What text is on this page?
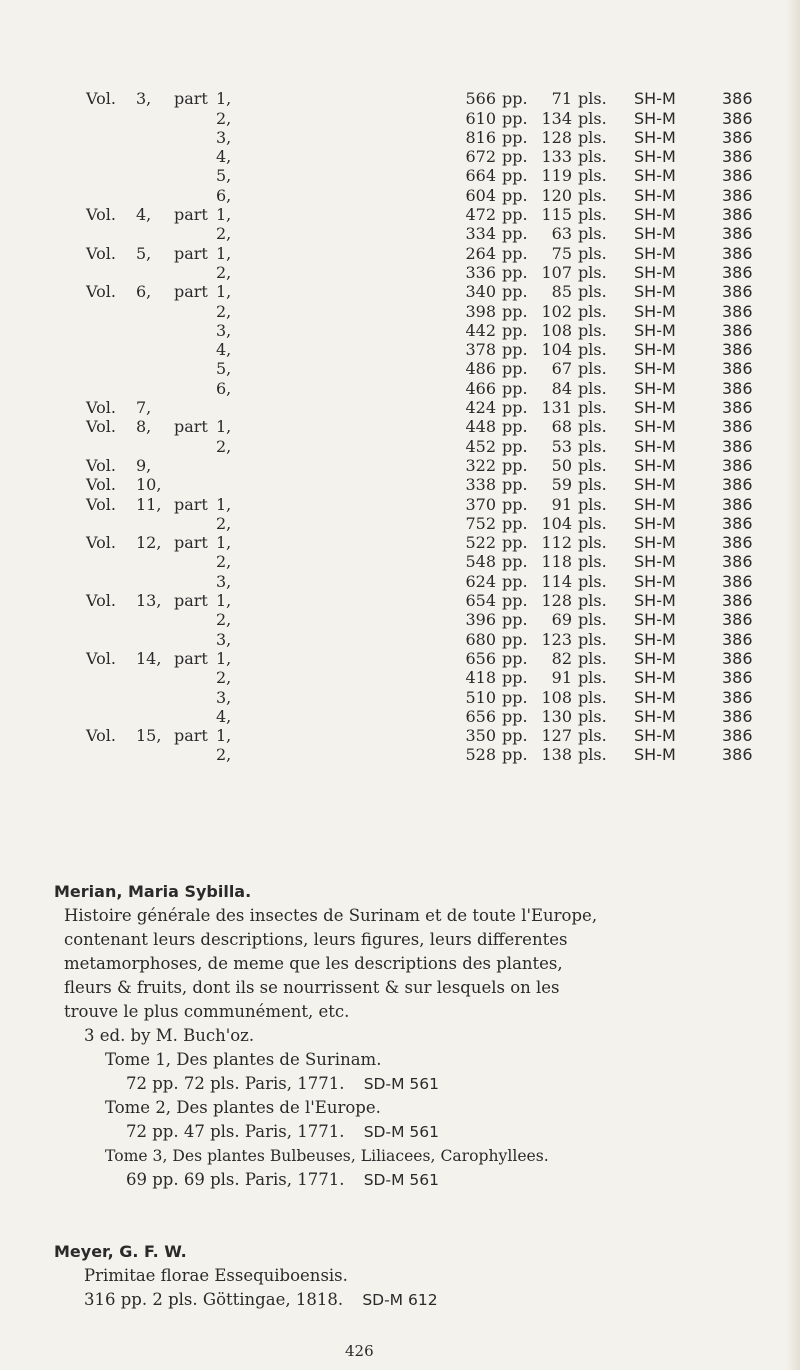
Vol.	3,	part 1,	566	pp.	71	pls.	SH-M	386
		2,	610	pp.	134	pls.	SH-M	386
		3,	816	pp.	128	pls.	SH-M	386
		4,	672	pp.	133	pls.	SH-M	386
		5,	664	pp.	119	pls.	SH-M	386
		6,	604	pp.	120	pls.	SH-M	386
Vol.	4,	part 1,	472	pp.	115	pls.	SH-M	386
		2,	334	pp.	63	pls.	SH-M	386
Vol.	5,	part 1,	264	pp.	75	pls.	SH-M	386
		2,	336	pp.	107	pls.	SH-M	386
Vol.	6,	part 1,	340	pp.	85	pls.	SH-M	386
		2,	398	pp.	102	pls.	SH-M	386
		3,	442	pp.	108	pls.	SH-M	386
		4,	378	pp.	104	pls.	SH-M	386
		5,	486	pp.	67	pls.	SH-M	386
		6,	466	pp.	84	pls.	SH-M	386
Vol.	7,		424	pp.	131	pls.	SH-M	386
Vol.	8,	part 1,	448	pp.	68	pls.	SH-M	386
		2,	452	pp.	53	pls.	SH-M	386
Vol.	9,		322	pp.	50	pls.	SH-M	386
Vol.	10,		338	pp.	59	pls.	SH-M	386
Vol.	11,	part 1,	370	pp.	91	pls.	SH-M	386
		2,	752	pp.	104	pls.	SH-M	386
Vol.	12,	part 1,	522	pp.	112	pls.	SH-M	386
		2,	548	pp.	118	pls.	SH-M	386
		3,	624	pp.	114	pls.	SH-M	386
Vol.	13,	part 1,	654	pp.	128	pls.	SH-M	386
		2,	396	pp.	69	pls.	SH-M	386
		3,	680	pp.	123	pls.	SH-M	386
Vol.	14,	part 1,	656	pp.	82	pls.	SH-M	386
		2,	418	pp.	91	pls.	SH-M	386
		3,	510	pp.	108	pls.	SH-M	386
		4,	656	pp.	130	pls.	SH-M	386
Vol.	15,	part 1,	350	pp.	127	pls.	SH-M	386
		2,	528	pp.	138	pls.	SH-M	386
Merian, Maria Sybilla.
Histoire générale des insectes de Surinam et de toute l'Europe,
contenant leurs descriptions, leurs figures, leurs differentes
metamorphoses, de meme que les descriptions des plantes,
fleurs & fruits, dont ils se nourrissent & sur lesquels on les
trouve le plus communément, etc.
3 ed. by M. Buch'oz.
Tome 1, Des plantes de Surinam.
72 pp. 72 pls. Paris, 1771. SD-M 561
Tome 2, Des plantes de l'Europe.
72 pp. 47 pls. Paris, 1771. SD-M 561
Tome 3, Des plantes Bulbeuses, Liliacees, Carophyllees.
69 pp. 69 pls. Paris, 1771. SD-M 561
Meyer, G. F. W.
Primitae florae Essequiboensis.
316 pp. 2 pls. Göttingae, 1818. SD-M 612
426
